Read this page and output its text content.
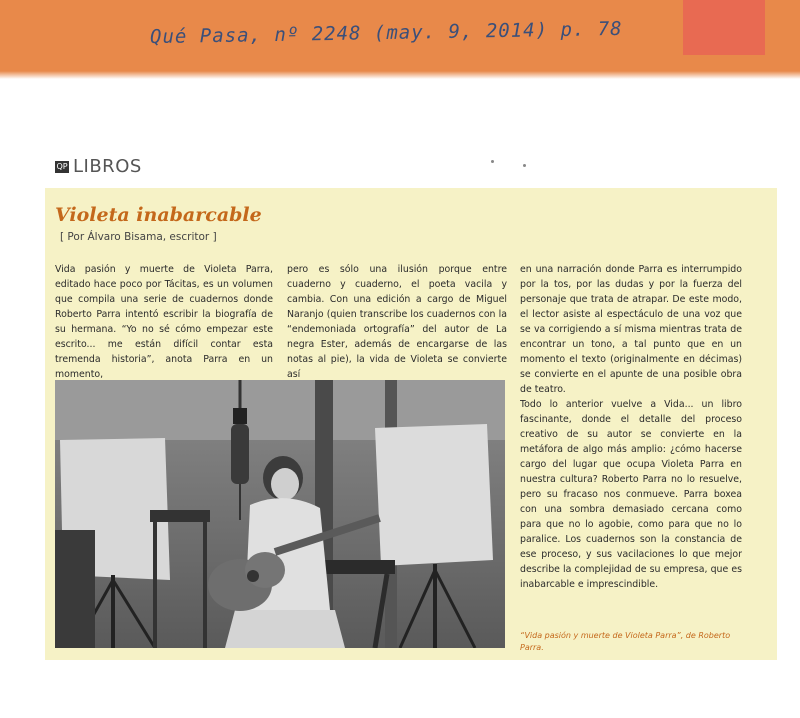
Qué Pasa, nº 2248 (may. 9, 2014) p. 78
QP LIBROS
Violeta inabarcable
[ Por Álvaro Bisama, escritor ]
Vida pasión y muerte de Violeta Parra, editado hace poco por Tácitas, es un volumen que compila una serie de cuadernos donde Roberto Parra intentó escribir la biografía de su hermana. “Yo no sé cómo empezar este escrito... me están difícil contar esta tremenda historia”, anota Parra en un momento,
pero es sólo una ilusión porque entre cuaderno y cuaderno, el poeta vacila y cambia. Con una edición a cargo de Miguel Naranjo (quien transcribe los cuadernos con la “endemoniada ortografía” del autor de La negra Ester, además de encargarse de las notas al pie), la vida de Violeta se convierte así

en una narración donde Parra es interrumpido por la tos, por las dudas y por la fuerza del personaje que trata de atrapar. De este modo, el lector asiste al espectáculo de una voz que se va corrigiendo a sí misma mientras trata de encontrar un tono, a tal punto que en un momento el texto (originalmente en décimas) se convierte en el apunte de una posible obra de teatro.

Todo lo anterior vuelve a Vida... un libro fascinante, donde el detalle del proceso creativo de su autor se convierte en la metáfora de algo más amplio: ¿cómo hacerse cargo del lugar que ocupa Violeta Parra en nuestra cultura? Roberto Parra no lo resuelve, pero su fracaso nos conmueve. Parra boxea con una sombra demasiado cercana como para que no lo agobie, como para que no lo paralice. Los cuadernos son la constancia de ese proceso, y sus vacilaciones lo que mejor describe la complejidad de su empresa, que es inabarcable e imprescindible.

“Vida pasión y muerte de Violeta Parra”, de Roberto Parra.
